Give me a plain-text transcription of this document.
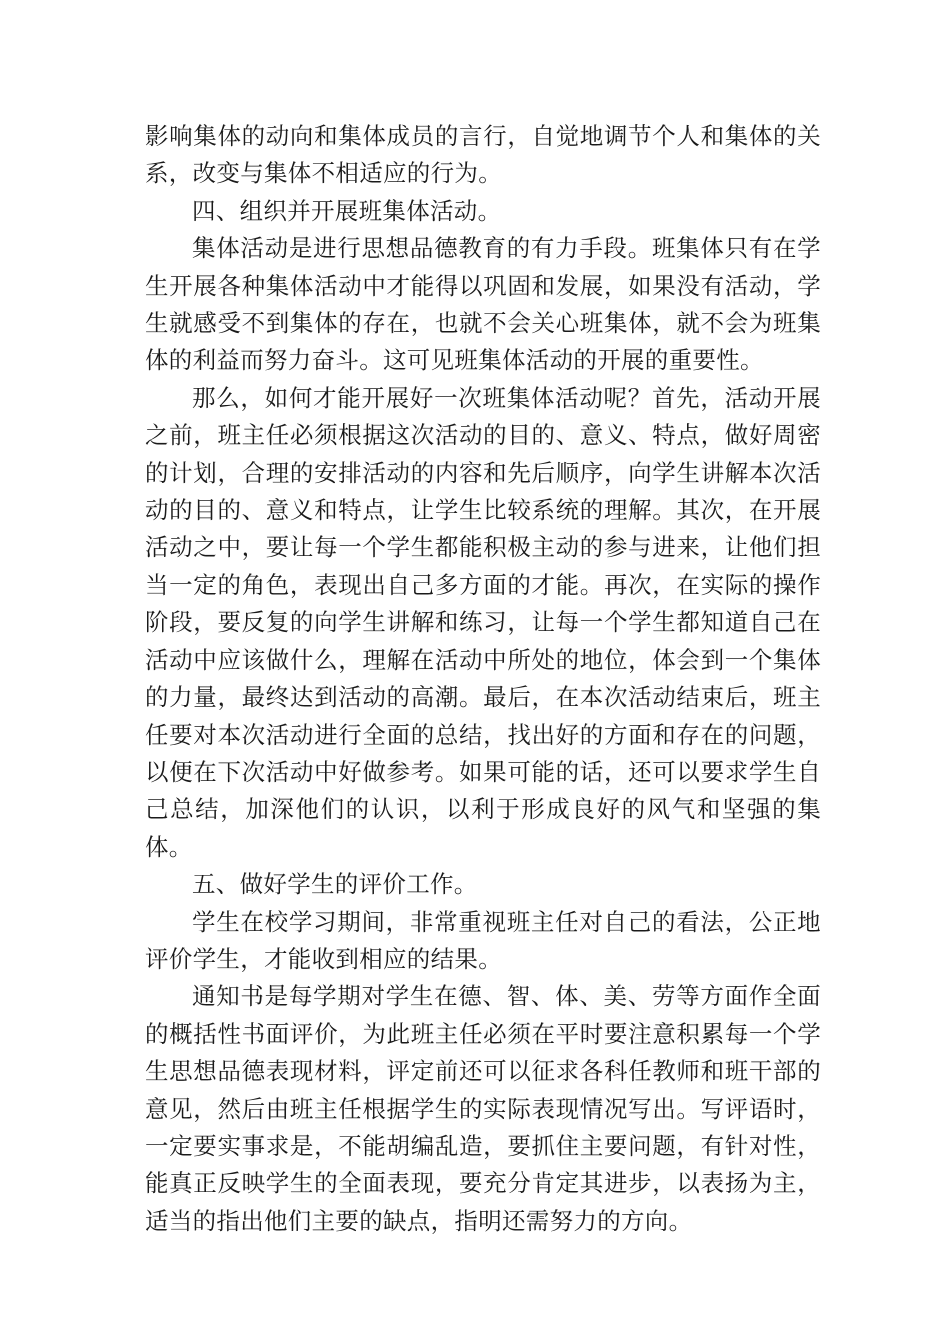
影响集体的动向和集体成员的言行，自觉地调节个人和集体的关系，改变与集体不相适应的行为。

四、组织并开展班集体活动。

集体活动是进行思想品德教育的有力手段。班集体只有在学生开展各种集体活动中才能得以巩固和发展，如果没有活动，学生就感受不到集体的存在，也就不会关心班集体，就不会为班集体的利益而努力奋斗。这可见班集体活动的开展的重要性。

那么，如何才能开展好一次班集体活动呢？首先，活动开展之前，班主任必须根据这次活动的目的、意义、特点，做好周密的计划，合理的安排活动的内容和先后顺序，向学生讲解本次活动的目的、意义和特点，让学生比较系统的理解。其次，在开展活动之中，要让每一个学生都能积极主动的参与进来，让他们担当一定的角色，表现出自己多方面的才能。再次，在实际的操作阶段，要反复的向学生讲解和练习，让每一个学生都知道自己在活动中应该做什么，理解在活动中所处的地位，体会到一个集体的力量，最终达到活动的高潮。最后，在本次活动结束后，班主任要对本次活动进行全面的总结，找出好的方面和存在的问题，以便在下次活动中好做参考。如果可能的话，还可以要求学生自己总结，加深他们的认识，以利于形成良好的风气和坚强的集体。

五、做好学生的评价工作。

学生在校学习期间，非常重视班主任对自己的看法，公正地评价学生，才能收到相应的结果。

通知书是每学期对学生在德、智、体、美、劳等方面作全面的概括性书面评价，为此班主任必须在平时要注意积累每一个学生思想品德表现材料，评定前还可以征求各科任教师和班干部的意见，然后由班主任根据学生的实际表现情况写出。写评语时，一定要实事求是，不能胡编乱造，要抓住主要问题，有针对性，能真正反映学生的全面表现，要充分肯定其进步，以表扬为主，适当的指出他们主要的缺点，指明还需努力的方向。
